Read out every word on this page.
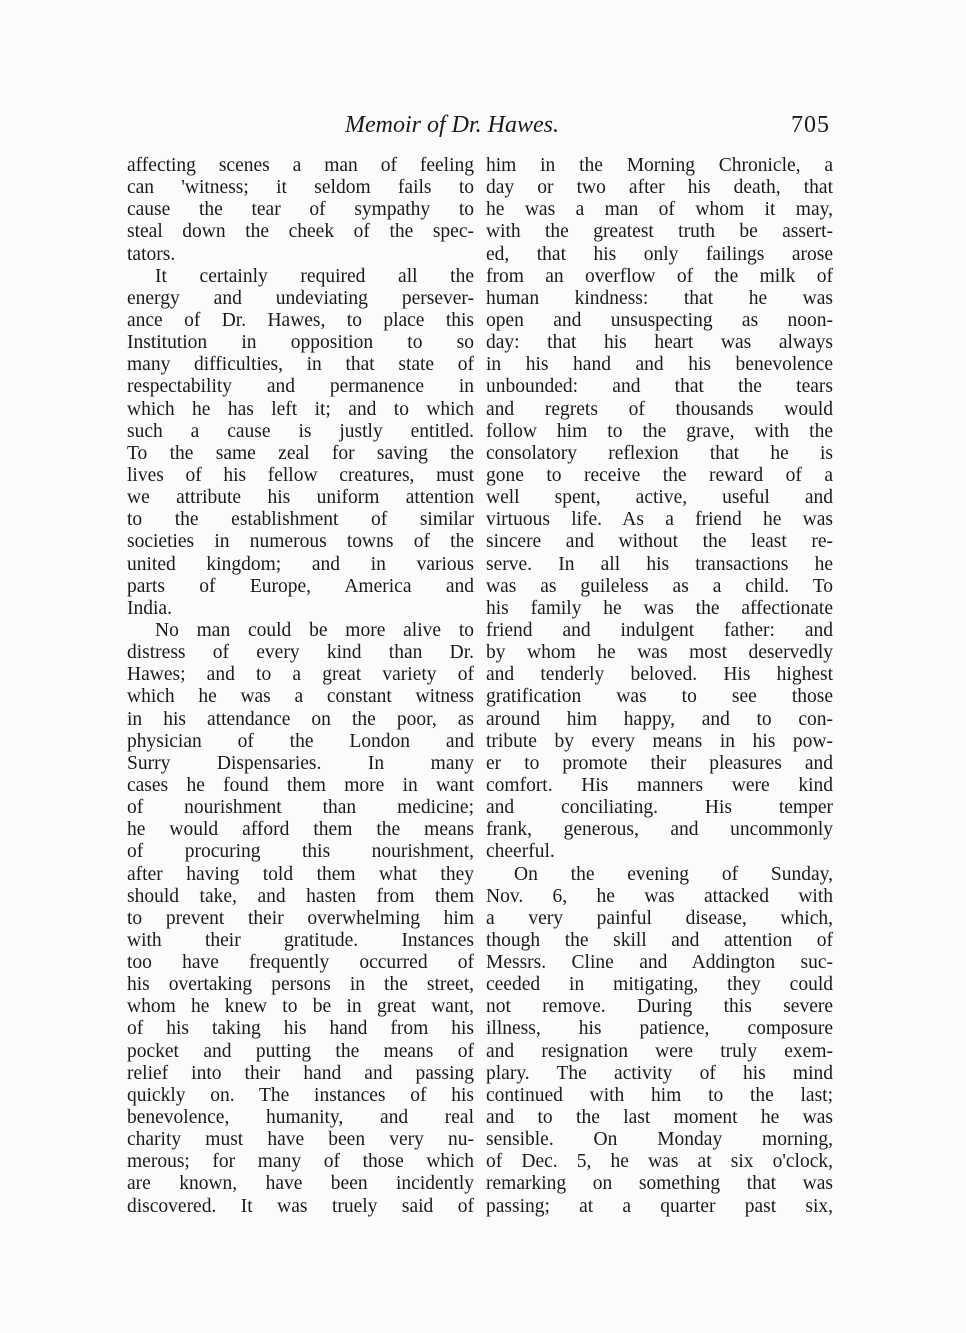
Memoir of Dr. Hawes.	705
affecting scenes a man of feeling
can 'witness; it seldom fails to
cause the tear of sympathy to
steal down the cheek of the spec-
tators.
It certainly required all the
energy and undeviating persever-
ance of Dr. Hawes, to place this
Institution in opposition to so
many difficulties, in that state of
respectability and permanence in
which he has left it; and to which
such a cause is justly entitled.
To the same zeal for saving the
lives of his fellow creatures, must
we attribute his uniform attention
to the establishment of similar
societies in numerous towns of the
united kingdom; and in various
parts of Europe, America and
India.
No man could be more alive to
distress of every kind than Dr.
Hawes; and to a great variety of
which he was a constant witness
in his attendance on the poor, as
physician of the London and
Surry Dispensaries. In many
cases he found them more in want
of nourishment than medicine;
he would afford them the means
of procuring this nourishment,
after having told them what they
should take, and hasten from them
to prevent their overwhelming him
with their gratitude. Instances
too have frequently occurred of
his overtaking persons in the street,
whom he knew to be in great want,
of his taking his hand from his
pocket and putting the means of
relief into their hand and passing
quickly on. The instances of his
benevolence, humanity, and real
charity must have been very nu-
merous; for many of those which
are known, have been incidently
discovered. It was truely said of
him in the Morning Chronicle, a
day or two after his death, that
he was a man of whom it may,
with the greatest truth be assert-
ed, that his only failings arose
from an overflow of the milk of
human kindness: that he was
open and unsuspecting as noon-
day: that his heart was always
in his hand and his benevolence
unbounded: and that the tears
and regrets of thousands would
follow him to the grave, with the
consolatory reflexion that he is
gone to receive the reward of a
well spent, active, useful and
virtuous life. As a friend he was
sincere and without the least re-
serve. In all his transactions he
was as guileless as a child. To
his family he was the affectionate
friend and indulgent father: and
by whom he was most deservedly
and tenderly beloved. His highest
gratification was to see those
around him happy, and to con-
tribute by every means in his pow-
er to promote their pleasures and
comfort. His manners were kind
and conciliating. His temper
frank, generous, and uncommonly
cheerful.
On the evening of Sunday,
Nov. 6, he was attacked with
a very painful disease, which,
though the skill and attention of
Messrs. Cline and Addington suc-
ceeded in mitigating, they could
not remove. During this severe
illness, his patience, composure
and resignation were truly exem-
plary. The activity of his mind
continued with him to the last;
and to the last moment he was
sensible. On Monday morning,
of Dec. 5, he was at six o'clock,
remarking on something that was
passing; at a quarter past six,
